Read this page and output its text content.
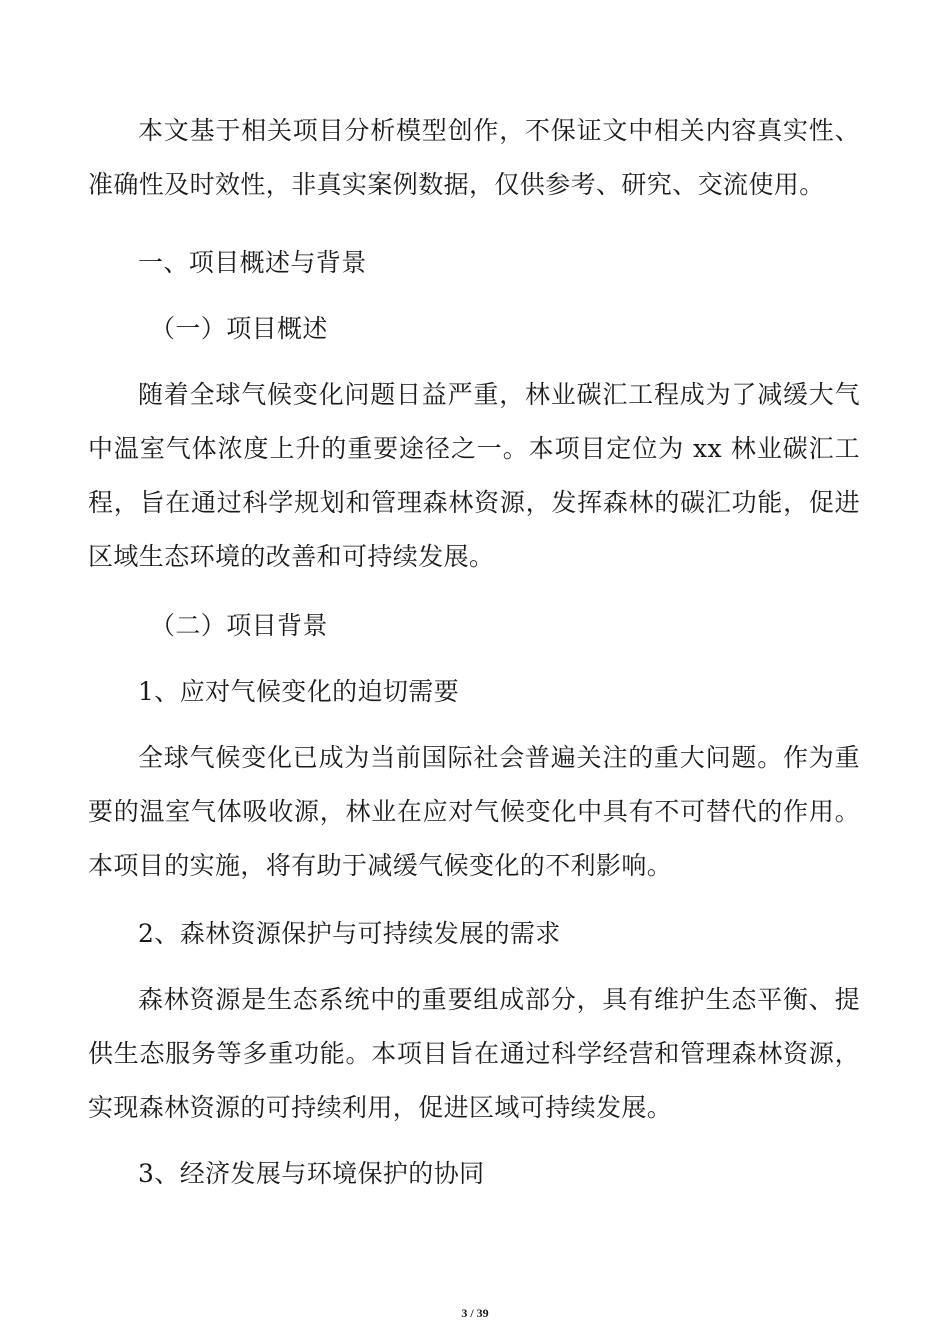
本文基于相关项目分析模型创作，不保证文中相关内容真实性、准确性及时效性，非真实案例数据，仅供参考、研究、交流使用。

一、项目概述与背景
（一）项目概述

随着全球气候变化问题日益严重，林业碳汇工程成为了减缓大气中温室气体浓度上升的重要途径之一。本项目定位为 xx 林业碳汇工程，旨在通过科学规划和管理森林资源，发挥森林的碳汇功能，促进区域生态环境的改善和可持续发展。

（二）项目背景
1、应对气候变化的迫切需要

全球气候变化已成为当前国际社会普遍关注的重大问题。作为重要的温室气体吸收源，林业在应对气候变化中具有不可替代的作用。本项目的实施，将有助于减缓气候变化的不利影响。

2、森林资源保护与可持续发展的需求

森林资源是生态系统中的重要组成部分，具有维护生态平衡、提供生态服务等多重功能。本项目旨在通过科学经营和管理森林资源，实现森林资源的可持续利用，促进区域可持续发展。

3、经济发展与环境保护的协同
3 / 39
